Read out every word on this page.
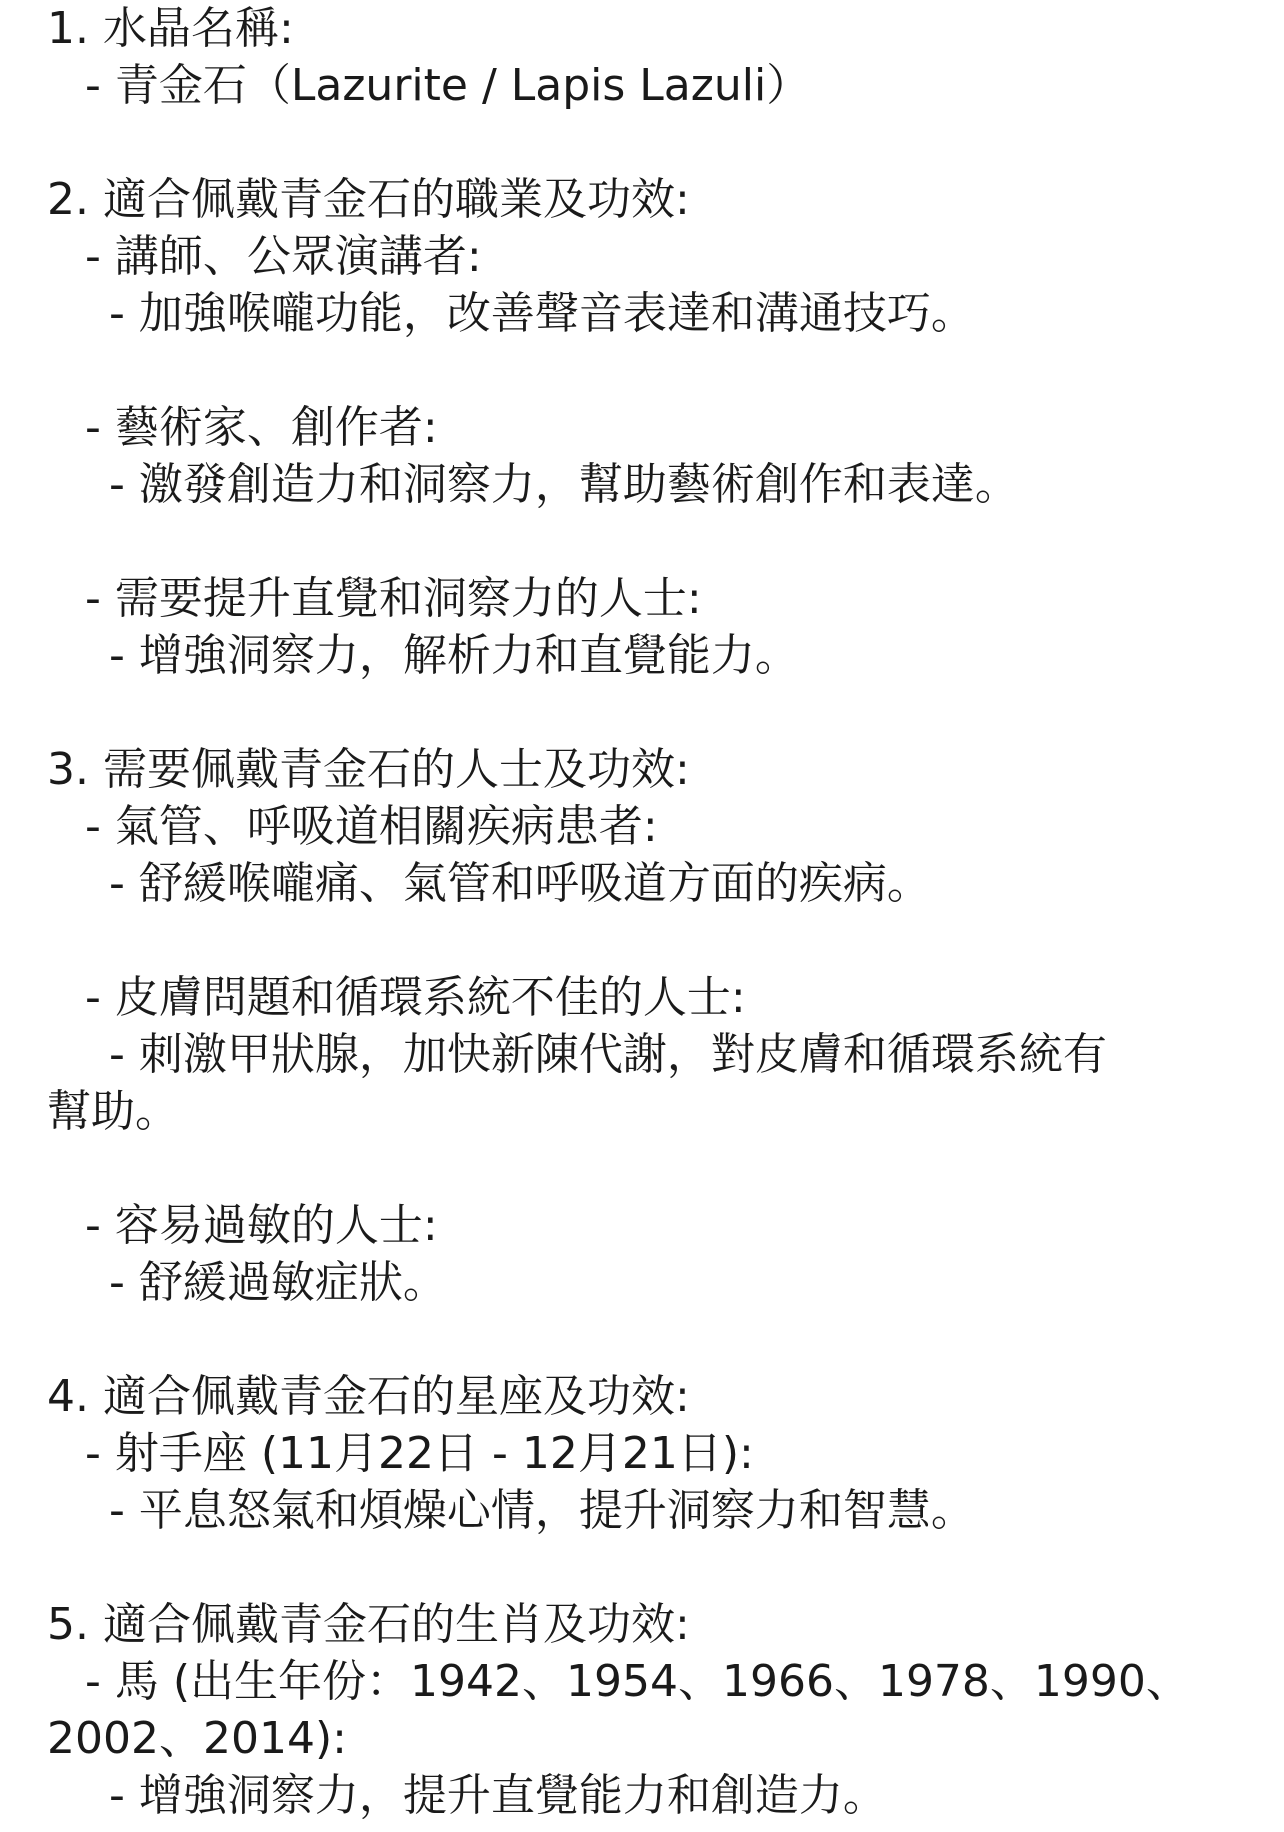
1. 水晶名稱:
- 青金石（Lazurite / Lapis Lazuli）
2. 適合佩戴青金石的職業及功效:
- 講師、公眾演講者:
- 加強喉嚨功能，改善聲音表達和溝通技巧。
- 藝術家、創作者:
- 激發創造力和洞察力，幫助藝術創作和表達。
- 需要提升直覺和洞察力的人士:
- 增強洞察力，解析力和直覺能力。
3. 需要佩戴青金石的人士及功效:
- 氣管、呼吸道相關疾病患者:
- 舒緩喉嚨痛、氣管和呼吸道方面的疾病。
- 皮膚問題和循環系統不佳的人士:
- 刺激甲狀腺，加快新陳代謝，對皮膚和循環系統有
幫助。
- 容易過敏的人士:
- 舒緩過敏症狀。
4. 適合佩戴青金石的星座及功效:
- 射手座 (11月22日 - 12月21日):
- 平息怒氣和煩燥心情，提升洞察力和智慧。
5. 適合佩戴青金石的生肖及功效:
- 馬 (出生年份：1942、1954、1966、1978、1990、
2002、2014):
- 增強洞察力，提升直覺能力和創造力。
